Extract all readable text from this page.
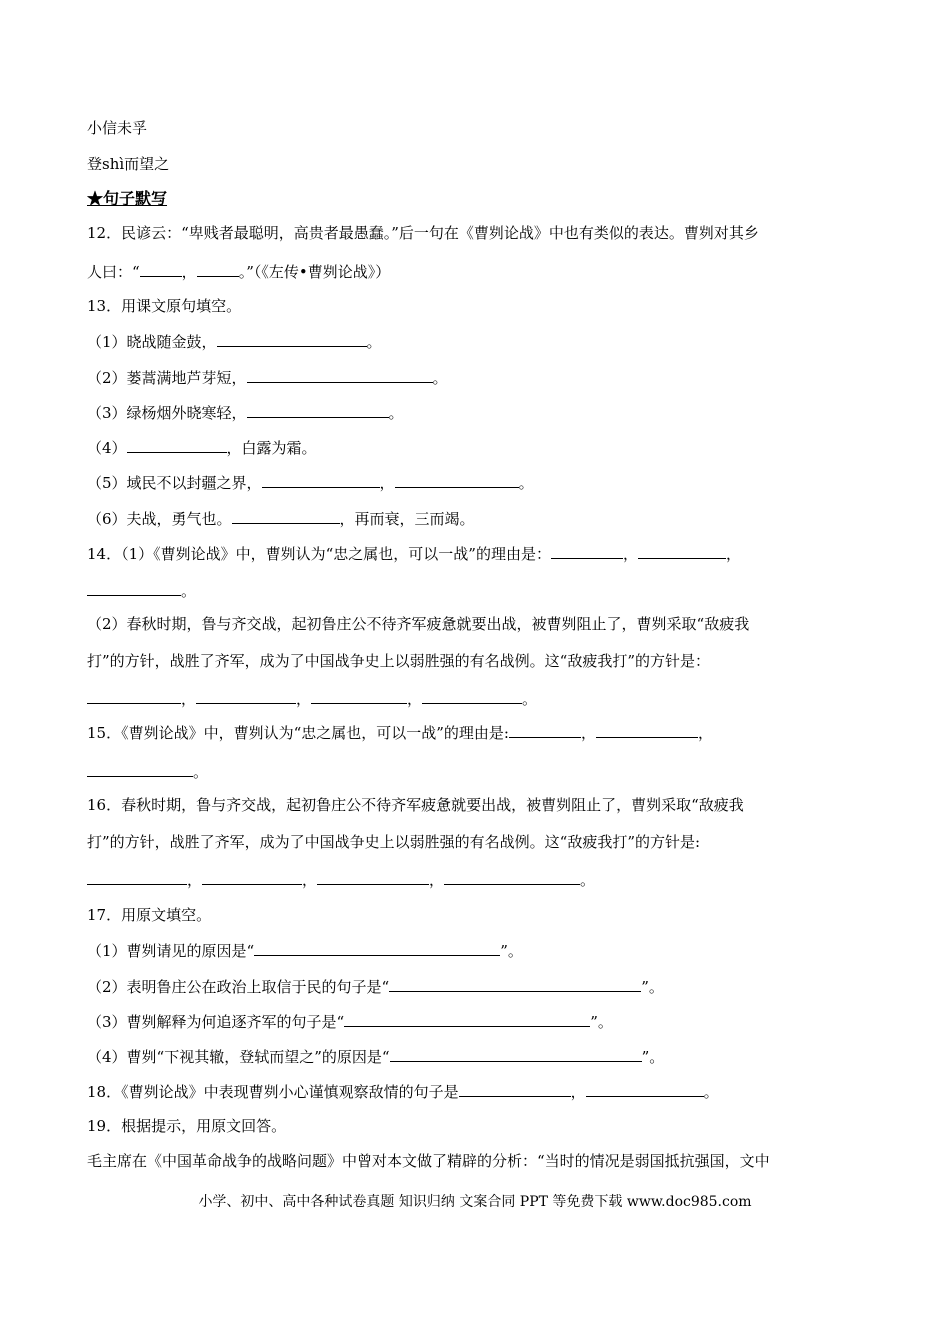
小信未孚
登shì而望之
★句子默写
12．民谚云：“卑贱者最聪明，高贵者最愚蠢。”后一句在《曹刿论战》中也有类似的表达。曹刿对其乡
人曰：“	，	。”（《左传•曹刿论战》）
13．用课文原句填空。
（1）晓战随金鼓，	。
（2）蒌蒿满地芦芽短，	。
（3）绿杨烟外晓寒轻，	。
（4）	，白露为霜。
（5）域民不以封疆之界，	，	。
（6）夫战，勇气也。	，再而衰，三而竭。
14．（1）《曹刿论战》中，曹刿认为“忠之属也，可以一战”的理由是：	，	，
。
（2）春秋时期，鲁与齐交战，起初鲁庄公不待齐军疲惫就要出战，被曹刿阻止了，曹刿采取“敌疲我
打”的方针，战胜了齐军，成为了中国战争史上以弱胜强的有名战例。这“敌疲我打”的方针是：
，	，	，	。
15．《曹刿论战》中，曹刿认为“忠之属也，可以一战”的理由是:	，	，
。
16．春秋时期，鲁与齐交战，起初鲁庄公不待齐军疲惫就要出战，被曹刿阻止了，曹刿采取“敌疲我
打”的方针，战胜了齐军，成为了中国战争史上以弱胜强的有名战例。这“敌疲我打”的方针是:
，	，	，	。
17．用原文填空。
（1）曹刿请见的原因是“	”。
（2）表明鲁庄公在政治上取信于民的句子是“	”。
（3）曹刿解释为何追逐齐军的句子是“	”。
（4）曹刿“下视其辙，登轼而望之”的原因是“	”。
18．《曹刿论战》中表现曹刿小心谨慎观察敌情的句子是	，	。
19．根据提示，用原文回答。
毛主席在《中国革命战争的战略问题》中曾对本文做了精辟的分析：“当时的情况是弱国抵抗强国，文中
小学、初中、高中各种试卷真题 知识归纳 文案合同 PPT 等免费下载 www.doc985.com
